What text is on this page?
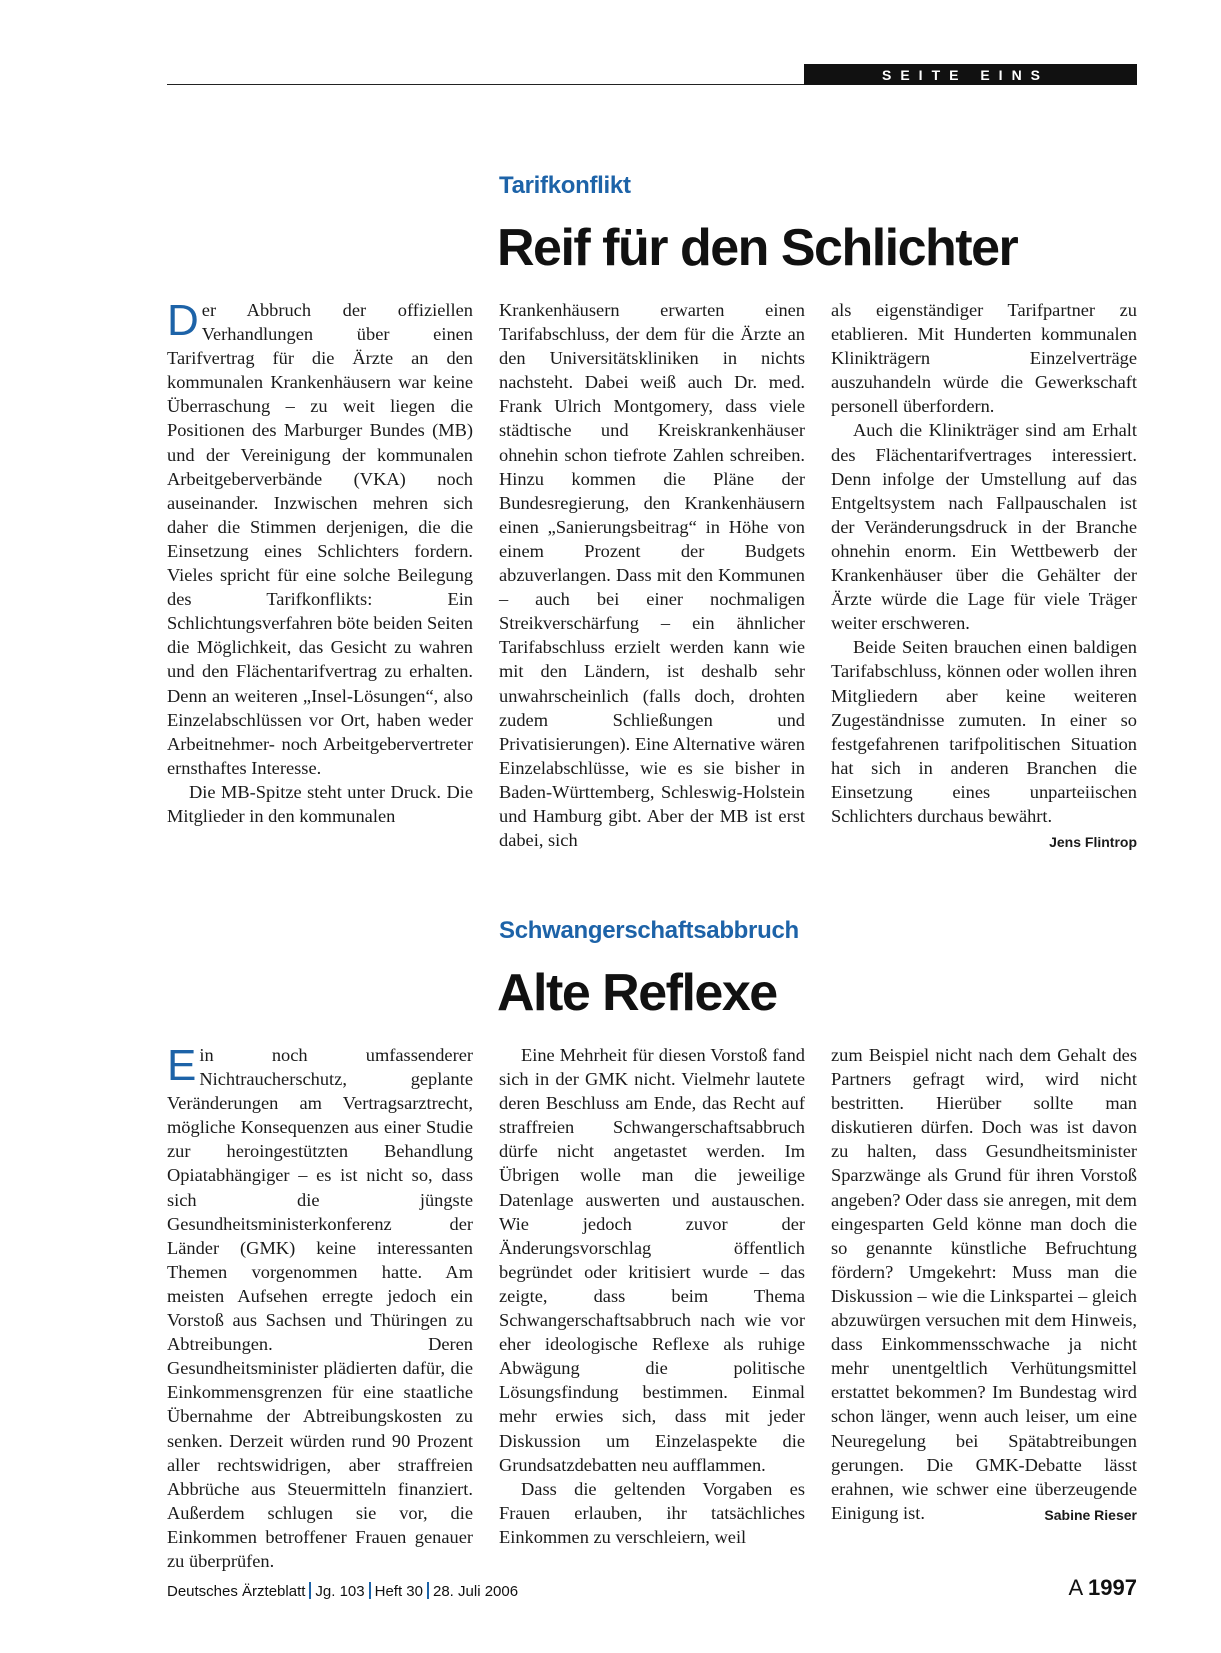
SEITE EINS
Tarifkonflikt
Reif für den Schlichter

Der Abbruch der offiziellen Verhandlungen über einen Tarifvertrag für die Ärzte an den kommunalen Krankenhäusern war keine Überraschung – zu weit liegen die Positionen des Marburger Bundes (MB) und der Vereinigung der kommunalen Arbeitgeberverbände (VKA) noch auseinander. Inzwischen mehren sich daher die Stimmen derjenigen, die die Einsetzung eines Schlichters fordern. Vieles spricht für eine solche Beilegung des Tarifkonflikts: Ein Schlichtungsverfahren böte beiden Seiten die Möglichkeit, das Gesicht zu wahren und den Flächentarifvertrag zu erhalten. Denn an weiteren „Insel-Lösungen“, also Einzelabschlüssen vor Ort, haben weder Arbeitnehmer- noch Arbeitgebervertreter ernsthaftes Interesse.

Die MB-Spitze steht unter Druck. Die Mitglieder in den kommunalen

Krankenhäusern erwarten einen Tarifabschluss, der dem für die Ärzte an den Universitätskliniken in nichts nachsteht. Dabei weiß auch Dr. med. Frank Ulrich Montgomery, dass viele städtische und Kreiskrankenhäuser ohnehin schon tiefrote Zahlen schreiben. Hinzu kommen die Pläne der Bundesregierung, den Krankenhäusern einen „Sanierungsbeitrag“ in Höhe von einem Prozent der Budgets abzuverlangen. Dass mit den Kommunen – auch bei einer nochmaligen Streikverschärfung – ein ähnlicher Tarifabschluss erzielt werden kann wie mit den Ländern, ist deshalb sehr unwahrscheinlich (falls doch, drohten zudem Schließungen und Privatisierungen). Eine Alternative wären Einzelabschlüsse, wie es sie bisher in Baden-Württemberg, Schleswig-Holstein und Hamburg gibt. Aber der MB ist erst dabei, sich

als eigenständiger Tarifpartner zu etablieren. Mit Hunderten kommunalen Klinikträgern Einzelverträge auszuhandeln würde die Gewerkschaft personell überfordern.

Auch die Klinikträger sind am Erhalt des Flächentarifvertrages interessiert. Denn infolge der Umstellung auf das Entgeltsystem nach Fallpauschalen ist der Veränderungsdruck in der Branche ohnehin enorm. Ein Wettbewerb der Krankenhäuser über die Gehälter der Ärzte würde die Lage für viele Träger weiter erschweren.

Beide Seiten brauchen einen baldigen Tarifabschluss, können oder wollen ihren Mitgliedern aber keine weiteren Zugeständnisse zumuten. In einer so festgefahrenen tarifpolitischen Situation hat sich in anderen Branchen die Einsetzung eines unparteiischen Schlichters durchaus bewährt.
Jens Flintrop

Schwangerschaftsabbruch
Alte Reflexe

Ein noch umfassenderer Nichtraucherschutz, geplante Veränderungen am Vertragsarztrecht, mögliche Konsequenzen aus einer Studie zur heroingestützten Behandlung Opiatabhängiger – es ist nicht so, dass sich die jüngste Gesundheitsministerkonferenz der Länder (GMK) keine interessanten Themen vorgenommen hatte. Am meisten Aufsehen erregte jedoch ein Vorstoß aus Sachsen und Thüringen zu Abtreibungen. Deren Gesundheitsminister plädierten dafür, die Einkommensgrenzen für eine staatliche Übernahme der Abtreibungskosten zu senken. Derzeit würden rund 90 Prozent aller rechtswidrigen, aber straffreien Abbrüche aus Steuermitteln finanziert. Außerdem schlugen sie vor, die Einkommen betroffener Frauen genauer zu überprüfen.

Eine Mehrheit für diesen Vorstoß fand sich in der GMK nicht. Vielmehr lautete deren Beschluss am Ende, das Recht auf straffreien Schwangerschaftsabbruch dürfe nicht angetastet werden. Im Übrigen wolle man die jeweilige Datenlage auswerten und austauschen. Wie jedoch zuvor der Änderungsvorschlag öffentlich begründet oder kritisiert wurde – das zeigte, dass beim Thema Schwangerschaftsabbruch nach wie vor eher ideologische Reflexe als ruhige Abwägung die politische Lösungsfindung bestimmen. Einmal mehr erwies sich, dass mit jeder Diskussion um Einzelaspekte die Grundsatzdebatten neu aufflammen.

Dass die geltenden Vorgaben es Frauen erlauben, ihr tatsächliches Einkommen zu verschleiern, weil

zum Beispiel nicht nach dem Gehalt des Partners gefragt wird, wird nicht bestritten. Hierüber sollte man diskutieren dürfen. Doch was ist davon zu halten, dass Gesundheitsminister Sparzwänge als Grund für ihren Vorstoß angeben? Oder dass sie anregen, mit dem eingesparten Geld könne man doch die so genannte künstliche Befruchtung fördern? Umgekehrt: Muss man die Diskussion – wie die Linkspartei – gleich abzuwürgen versuchen mit dem Hinweis, dass Einkommensschwache ja nicht mehr unentgeltlich Verhütungsmittel erstattet bekommen? Im Bundestag wird schon länger, wenn auch leiser, um eine Neuregelung bei Spätabtreibungen gerungen. Die GMK-Debatte lässt erahnen, wie schwer eine überzeugende Einigung ist.	Sabine Rieser

Deutsches Ärzteblatt Jg. 103 Heft 30 28. Juli 2006	A 1997
